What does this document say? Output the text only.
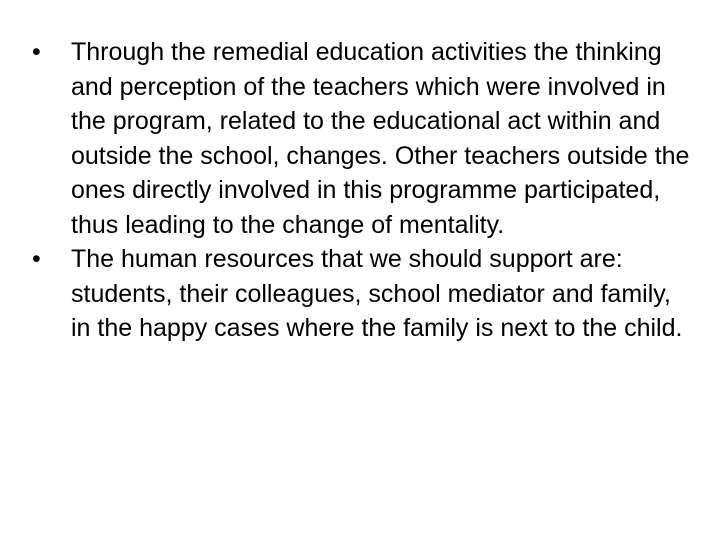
•	Through the remedial education activities the thinking and perception of the teachers which were involved in the program, related to the educational act within and outside the school, changes. Other teachers outside the ones directly involved in this programme participated, thus leading to the change of mentality.
•	The human resources that we should support are: students, their colleagues, school mediator and family, in the happy cases where the family is next to the child.
